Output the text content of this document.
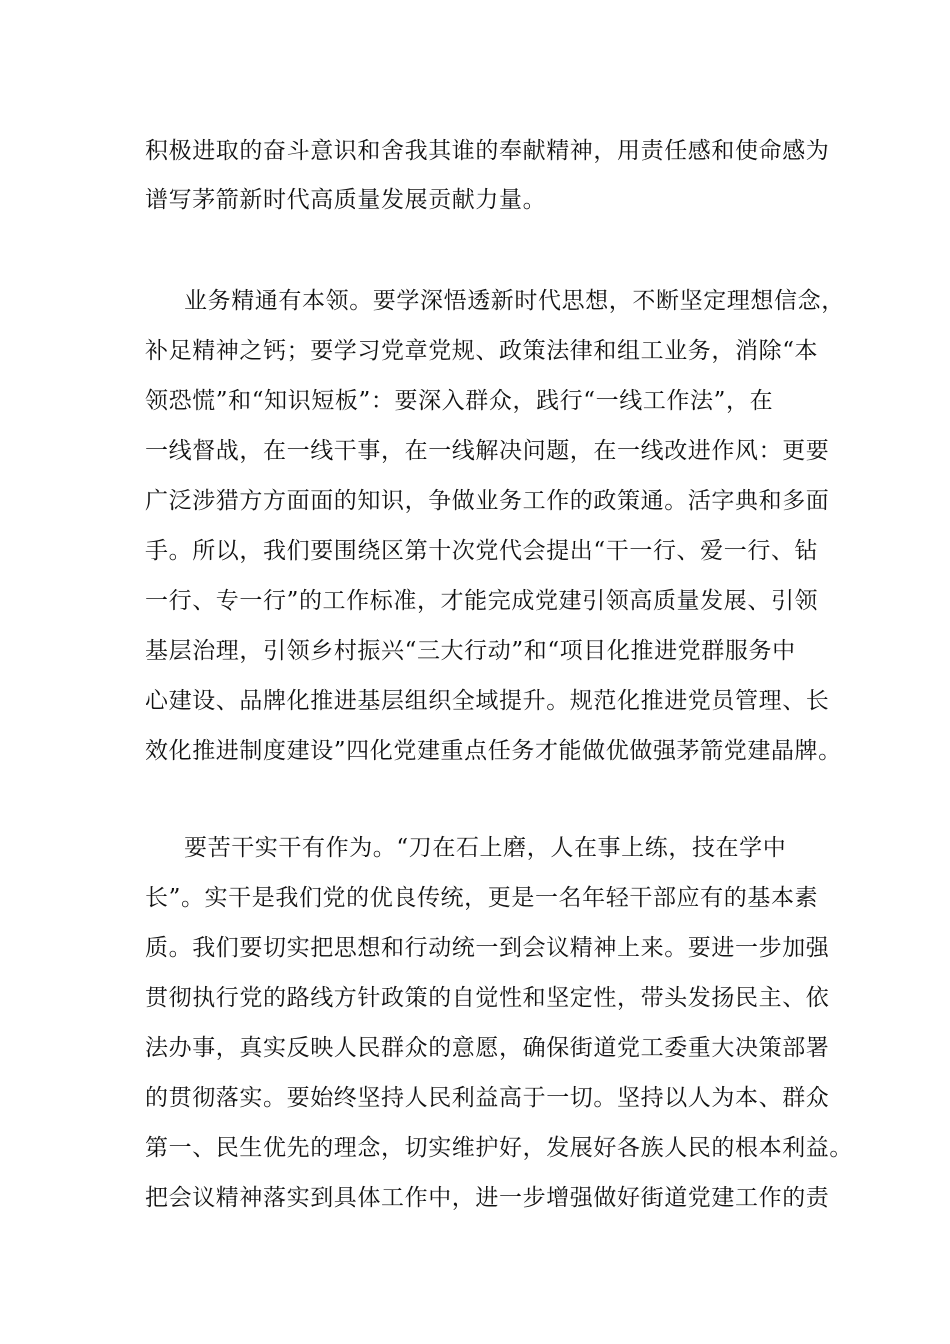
积极进取的奋斗意识和舍我其谁的奉献精神，用责任感和使命感为
谱写茅箭新时代高质量发展贡献力量。
业务精通有本领。要学深悟透新时代思想，不断坚定理想信念，
补足精神之钙；要学习党章党规、政策法律和组工业务，消除“本
领恐慌”和“知识短板”：要深入群众，践行“一线工作法”，在
一线督战，在一线干事，在一线解决问题，在一线改进作风：更要
广泛涉猎方方面面的知识，争做业务工作的政策通。活字典和多面
手。所以，我们要围绕区第十次党代会提出“干一行、爱一行、钻
一行、专一行”的工作标准，才能完成党建引领高质量发展、引领
基层治理，引领乡村振兴“三大行动”和“项目化推进党群服务中
心建设、品牌化推进基层组织全域提升。规范化推进党员管理、长
效化推进制度建设”四化党建重点任务才能做优做强茅箭党建晶牌。
要苦干实干有作为。“刀在石上磨，人在事上练，技在学中
长”。实干是我们党的优良传统，更是一名年轻干部应有的基本素
质。我们要切实把思想和行动统一到会议精神上来。要进一步加强
贯彻执行党的路线方针政策的自觉性和坚定性，带头发扬民主、依
法办事，真实反映人民群众的意愿，确保街道党工委重大决策部署
的贯彻落实。要始终坚持人民利益高于一切。坚持以人为本、群众
第一、民生优先的理念，切实维护好，发展好各族人民的根本利益。
把会议精神落实到具体工作中，进一步增强做好街道党建工作的责
